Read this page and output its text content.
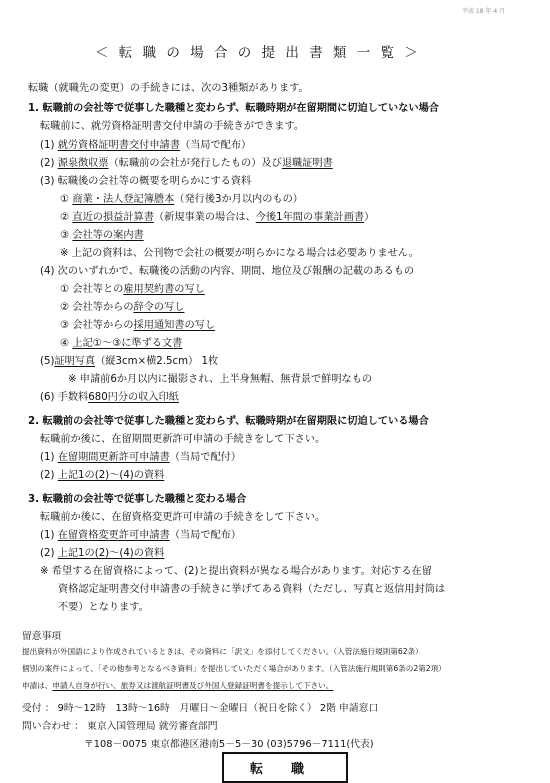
平成 18 年 4 月
＜ 転 職 の 場 合 の 提 出 書 類 一 覧 ＞
転職（就職先の変更）の手続きには、次の3種類があります。
1. 転職前の会社等で従事した職種と変わらず、転職時期が在留期間に切迫していない場合
転職前に、就労資格証明書交付申請の手続きができます。
(1) 就労資格証明書交付申請書（当局で配布）
(2) 源泉徴収票（転職前の会社が発行したもの）及び退職証明書
(3) 転職後の会社等の概要を明らかにする資料
① 商業・法人登記簿謄本（発行後3か月以内のもの）
② 直近の損益計算書（新規事業の場合は、今後1年間の事業計画書）
③ 会社等の案内書
※ 上記の資料は、公刊物で会社の概要が明らかになる場合は必要ありません。
(4) 次のいずれかで、転職後の活動の内容、期間、地位及び報酬の記載のあるもの
① 会社等との雇用契約書の写し
② 会社等からの辞令の写し
③ 会社等からの採用通知書の写し
④ 上記①～③に準ずる文書
(5)証明写真（縦3cm×横2.5cm） 1枚
※ 申請前6か月以内に撮影され、上半身無帽、無背景で鮮明なもの
(6) 手数料680円分の収入印紙
2. 転職前の会社等で従事した職種と変わらず、転職時期が在留期限に切迫している場合
転職前か後に、在留期間更新許可申請の手続きをして下さい。
(1) 在留期間更新許可申請書（当局で配付）
(2) 上記1の(2)～(4)の資料
3. 転職前の会社等で従事した職種と変わる場合
転職前か後に、在留資格変更許可申請の手続きをして下さい。
(1) 在留資格変更許可申請書（当局で配布）
(2) 上記1の(2)～(4)の資料
※ 希望する在留資格によって、(2)と提出資料が異なる場合があります。対応する在留
資格認定証明書交付申請書の手続きに挙げてある資料（ただし、写真と返信用封筒は
不要）となります。
留意事項
提出資料が外国語により作成されているときは、その資料に「訳文」を添付してください。（入管法施行規則第62条）
個別の案件によって、「その他参考となるべき資料」を提出していただく場合があります。（入管法施行規則第6条の2第2項）
申請は、申請人自身が行い、旅券又は渡航証明書及び外国人登録証明書を提示して下さい。
受付 ： 9時～12時　13時～16時　月曜日～金曜日（祝日を除く） 2階 申請窓口
問い合わせ ： 東京入国管理局 就労審査部門
〒108－0075 東京都港区港南5－5－30 (03)5796－7111(代表)
転職
